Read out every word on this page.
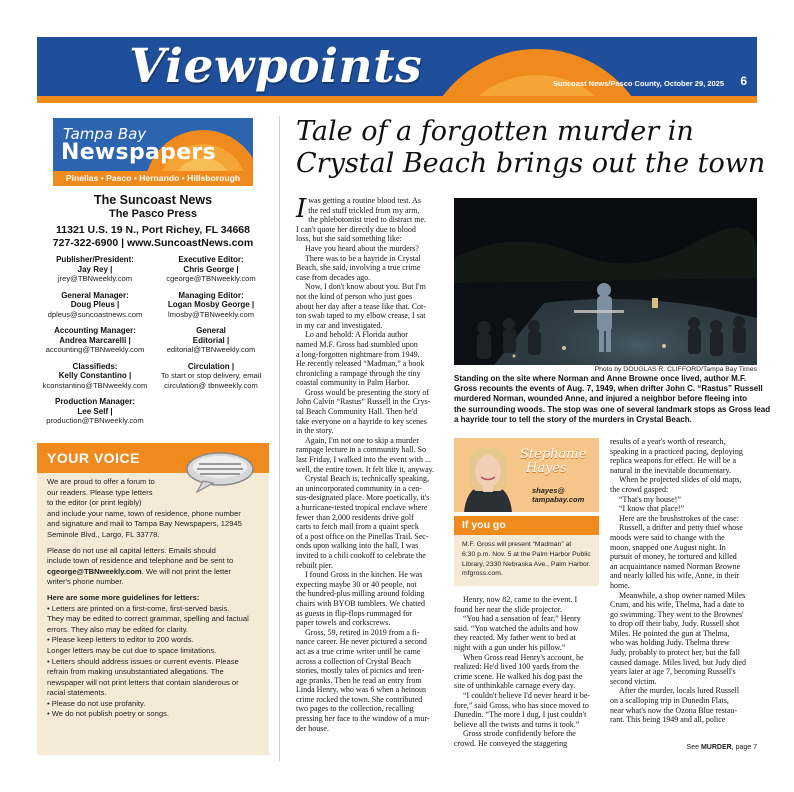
Viewpoints	Suncoast News/Pasco County, October 29, 2025 6
Tampa Bay
Newspapers
Pinellas • Pasco • Hernando • Hillsborough
The Suncoast News
The Pasco Press
11321 U.S. 19 N., Port Richey, FL 34668
727-322-6900 | www.SuncoastNews.com
Publisher/President:
Jay Rey |
jrey@TBNweekly.com
General Manager:
Doug Pleus |
dpleus@suncoastnews.com
Accounting Manager:
Andrea Marcarelli |
accounting@TBNweekly.com
Classifieds:
Kelly Constantino |
kconstantino@TBNweekly.com
Production Manager:
Lee Self |
production@TBNweekly.com
Executive Editor:
Chris George |
cgeorge@TBNweekly.com
Managing Editor:
Logan Mosby George |
lmosby@TBNweekly.com
General
Editorial |
editorial@TBNweekly.com
Circulation |
To start or stop delivery, email circulation@ tbnweekly.com
YOUR VOICE
We are proud to offer a forum to
our readers. Please type letters
to the editor (or print legibly)
and include your name, town of residence, phone number
and signature and mail to Tampa Bay Newspapers, 12945
Seminole Blvd., Largo, FL 33778.
Please do not use all capital letters. Emails should
include town of residence and telephone and be sent to
cgeorge@TBNweekly.com. We will not print the letter
writer's phone number.
Here are some more guidelines for letters:
• Letters are printed on a first-come, first-served basis.
They may be edited to correct grammar, spelling and factual
errors. They also may be edited for clarity.
• Please keep letters to editor to 200 words.
Longer letters may be cut due to space limitations.
• Letters should address issues or current events. Please
refrain from making unsubstantiated allegations. The
newspaper will not print letters that contain slanderous or
racial statements.
• Please do not use profanity.
• We do not publish poetry or songs.
Tale of a forgotten murder in Crystal Beach brings out the town
I was getting a routine blood test. As
the red stuff trickled from my arm,
the phlebotomist tried to distract me.
I can't quote her directly due to blood
loss, but she said something like:
Have you heard about the murders?
There was to be a hayride in Crystal
Beach, she said, involving a true crime
case from decades ago.
Now, I don't know about you. But I'm
not the kind of person who just goes
about her day after a tease like that. Cot-
ton swab taped to my elbow crease, I sat
in my car and investigated.
Lo and behold: A Florida author
named M.F. Gross had stumbled upon
a long-forgotten nightmare from 1949.
He recently released “Madman,” a book
chronicling a rampage through the tiny
coastal community in Palm Harbor.
Gross would be presenting the story of
John Calvin “Rastus” Russell in the Crys-
tal Beach Community Hall. Then he'd
take everyone on a hayride to key scenes
in the story.
Again, I'm not one to skip a murder
rampage lecture in a community hall. So
last Friday, I walked into the event with ...
well, the entire town. It felt like it, anyway.
Crystal Beach is, technically speaking,
an unincorporated community in a cen-
sus-designated place. More poetically, it's
a hurricane-tested tropical enclave where
fewer than 2,000 residents drive golf
carts to fetch mail from a quaint speck
of a post office on the Pinellas Trail. Sec-
onds upon walking into the hall, I was
invited to a chili cookoff to celebrate the
rebuilt pier.
I found Gross in the kitchen. He was
expecting maybe 30 or 40 people, not
the hundred-plus milling around folding
chairs with BYOB tumblers. We chatted
as guests in flip-flops rummaged for
paper towels and corkscrews.
Gross, 59, retired in 2019 from a fi-
nance career. He never pictured a second
act as a true crime writer until he came
across a collection of Crystal Beach
stories, mostly tales of picnics and teen-
age pranks. Then he read an entry from
Linda Henry, who was 6 when a heinous
crime rocked the town. She contributed
two pages to the collection, recalling
pressing her face to the window of a mur-
der house.
Photo by DOUGLAS R. CLIFFORD/Tampa Bay Times
Standing on the site where Norman and Anne Browne once lived, author M.F.
Gross recounts the events of Aug. 7, 1949, when drifter John C. “Rastus” Russell
murdered Norman, wounded Anne, and injured a neighbor before fleeing into
the surrounding woods. The stop was one of several landmark stops as Gross lead
a hayride tour to tell the story of the murders in Crystal Beach.
Henry, now 82, came to the event. I
found her near the slide projector.
“You had a sensation of fear,” Henry
said. “You watched the adults and how
they reacted. My father went to bed at
night with a gun under his pillow.”
When Gross read Henry's account, he
realized: He'd lived 100 yards from the
crime scene. He walked his dog past the
site of unthinkable carnage every day.
“I couldn't believe I'd never heard it be-
fore,” said Gross, who has since moved to
Dunedin. “The more I dug, I just couldn't
believe all the twists and turns it took.”
Gross strode confidently before the
crowd. He conveyed the staggering
Stephanie
Hayes
shayes@
tampabay.com
If you go
M.F. Gross will present “Madman” at
6:30 p.m. Nov. 5 at the Palm Harbor Public
Library, 2330 Nebraska Ave., Palm Harbor.
mfgross.com.
results of a year's worth of research,
speaking in a practiced pacing, deploying
replica weapons for effect. He will be a
natural in the inevitable documentary.
When he projected slides of old maps,
the crowd gasped:
“That's my house!”
“I know that place!”
Here are the brushstrokes of the case:
Russell, a drifter and petty thief whose
moods were said to change with the
moon, snapped one August night. In
pursuit of money, he tortured and killed
an acquaintance named Norman Browne
and nearly killed his wife, Anne, in their
home.
Meanwhile, a shop owner named Miles
Crum, and his wife, Thelma, had a date to
go swimming. They went to the Brownes'
to drop off their baby, Judy. Russell shot
Miles. He pointed the gun at Thelma,
who was holding Judy. Thelma threw
Judy, probably to protect her, but the fall
caused damage. Miles lived, but Judy died
years later at age 7, becoming Russell's
second victim.
After the murder, locals lured Russell
on a scalloping trip in Dunedin Flats,
near what's now the Ozona Blue restau-
rant. This being 1949 and all, police
See MURDER, page 7
